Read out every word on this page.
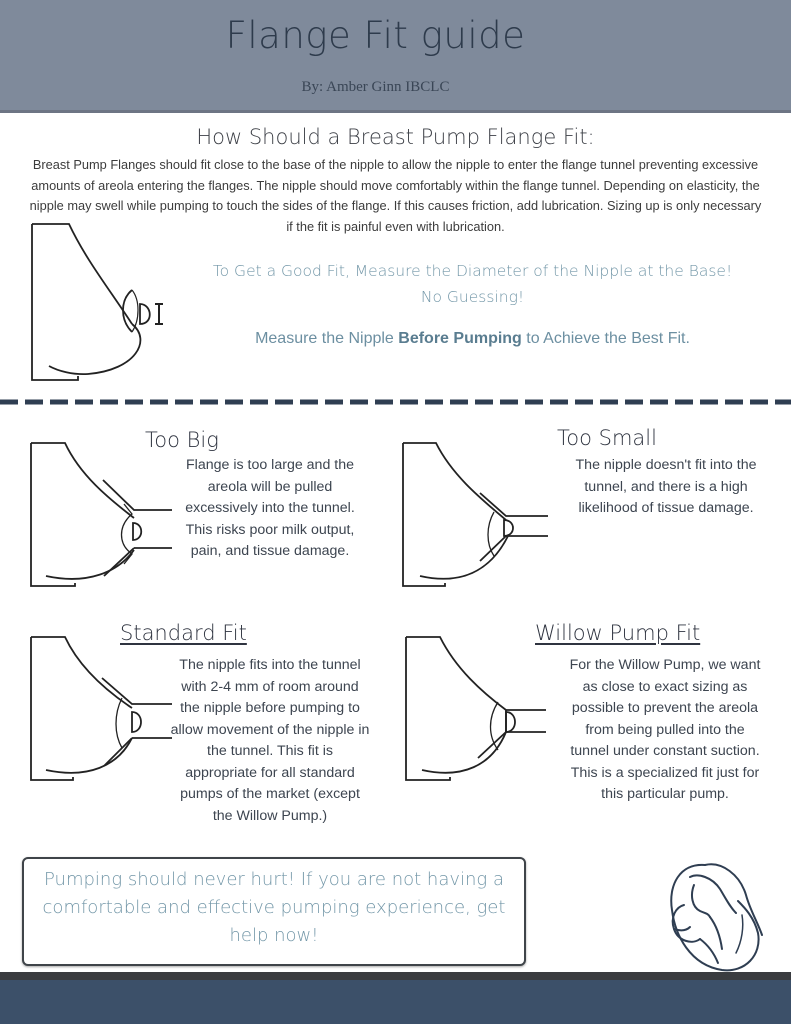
Flange Fit guide
By: Amber Ginn IBCLC
How Should a Breast Pump Flange Fit:
Breast Pump Flanges should fit close to the base of the nipple to allow the nipple to enter the flange tunnel preventing excessive amounts of areola entering the flanges. The nipple should move comfortably within the flange tunnel. Depending on elasticity, the nipple may swell while pumping to touch the sides of the flange. If this causes friction, add lubrication. Sizing up is only necessary if the fit is painful even with lubrication.
To Get a Good Fit, Measure the Diameter of the Nipple at the Base! No Guessing!
Measure the Nipple Before Pumping to Achieve the Best Fit.
Too Big
Flange is too large and the areola will be pulled excessively into the tunnel. This risks poor milk output, pain, and tissue damage.
Too Small
The nipple doesn't fit into the tunnel, and there is a high likelihood of tissue damage.
Standard Fit
The nipple fits into the tunnel with 2-4 mm of room around the nipple before pumping to allow movement of the nipple in the tunnel. This fit is appropriate for all standard pumps of the market (except the Willow Pump.)
Willow Pump Fit
For the Willow Pump, we want as close to exact sizing as possible to prevent the areola from being pulled into the tunnel under constant suction. This is a specialized fit just for this particular pump.
Pumping should never hurt! If you are not having a comfortable and effective pumping experience, get help now!
